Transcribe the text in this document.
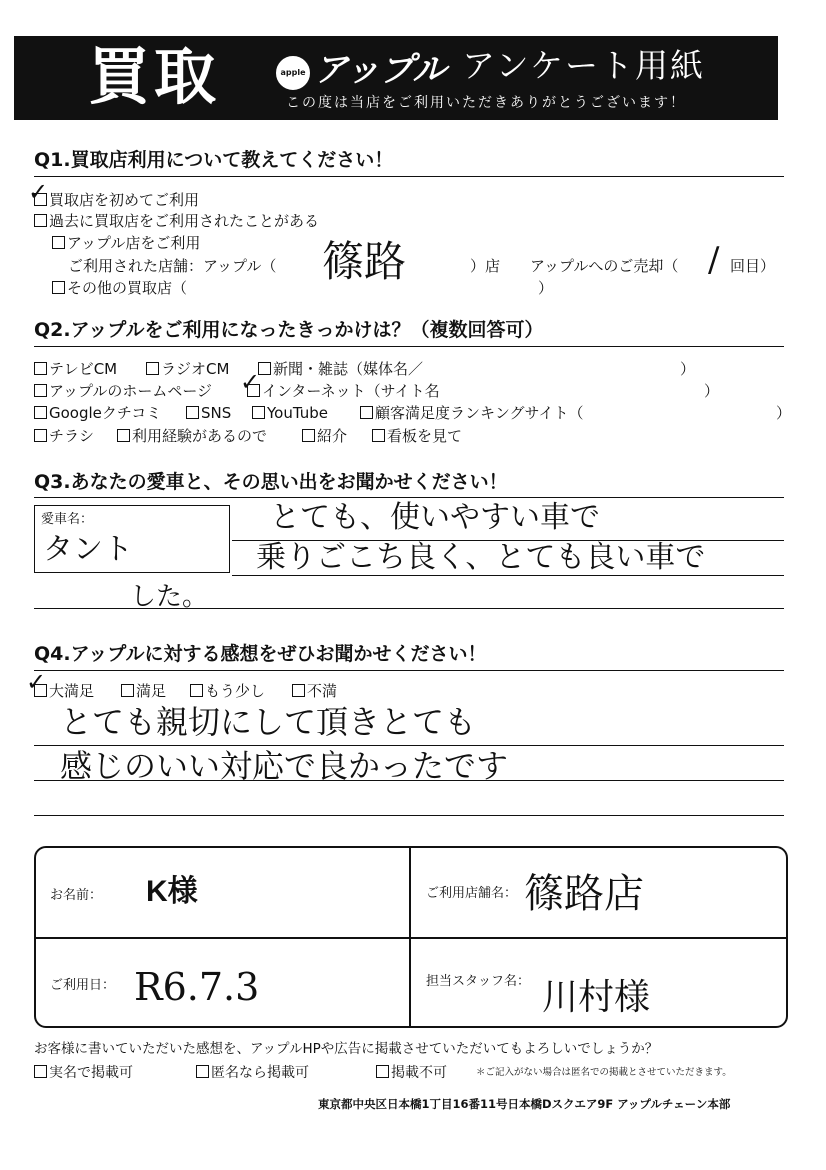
買取	apple アップル アンケート用紙
この度は当店をご利用いただきありがとうございます！
Q1.買取店利用について教えてください！
買取店を初めてご利用
✓
過去に買取店をご利用されたことがある
アップル店をご利用
ご利用された店舗：アップル（ 篠路	）店 アップルへのご売却（ / 回目）
その他の買取店（	）
Q2.アップルをご利用になったきっかけは？（複数回答可）
テレビCM	ラジオCM	新聞・雑誌（媒体名／	）
アップルのホームページ	インターネット（サイト名
✓	）
Googleクチコミ	SNS	YouTube	顧客満足度ランキングサイト（	）
チラシ	利用経験があるので	紹介	看板を見て
Q3.あなたの愛車と、その思い出をお聞かせください！
愛車名：
タント
とても、使いやすい車で
乗りごこち良く、とても良い車で
した。
Q4.アップルに対する感想をぜひお聞かせください！
大満足
✓	満足	もう少し	不満
とても親切にして頂きとても
感じのいい対応で良かったです
お名前： K様	ご利用店舗名： 篠路店
ご利用日： R6.7.3	担当スタッフ名： 川村様
お客様に書いていただいた感想を、アップルHPや広告に掲載させていただいてもよろしいでしょうか？
実名で掲載可	匿名なら掲載可	掲載不可	＊ご記入がない場合は匿名での掲載とさせていただきます。
東京都中央区日本橋1丁目16番11号日本橋Dスクエア9F アップルチェーン本部
